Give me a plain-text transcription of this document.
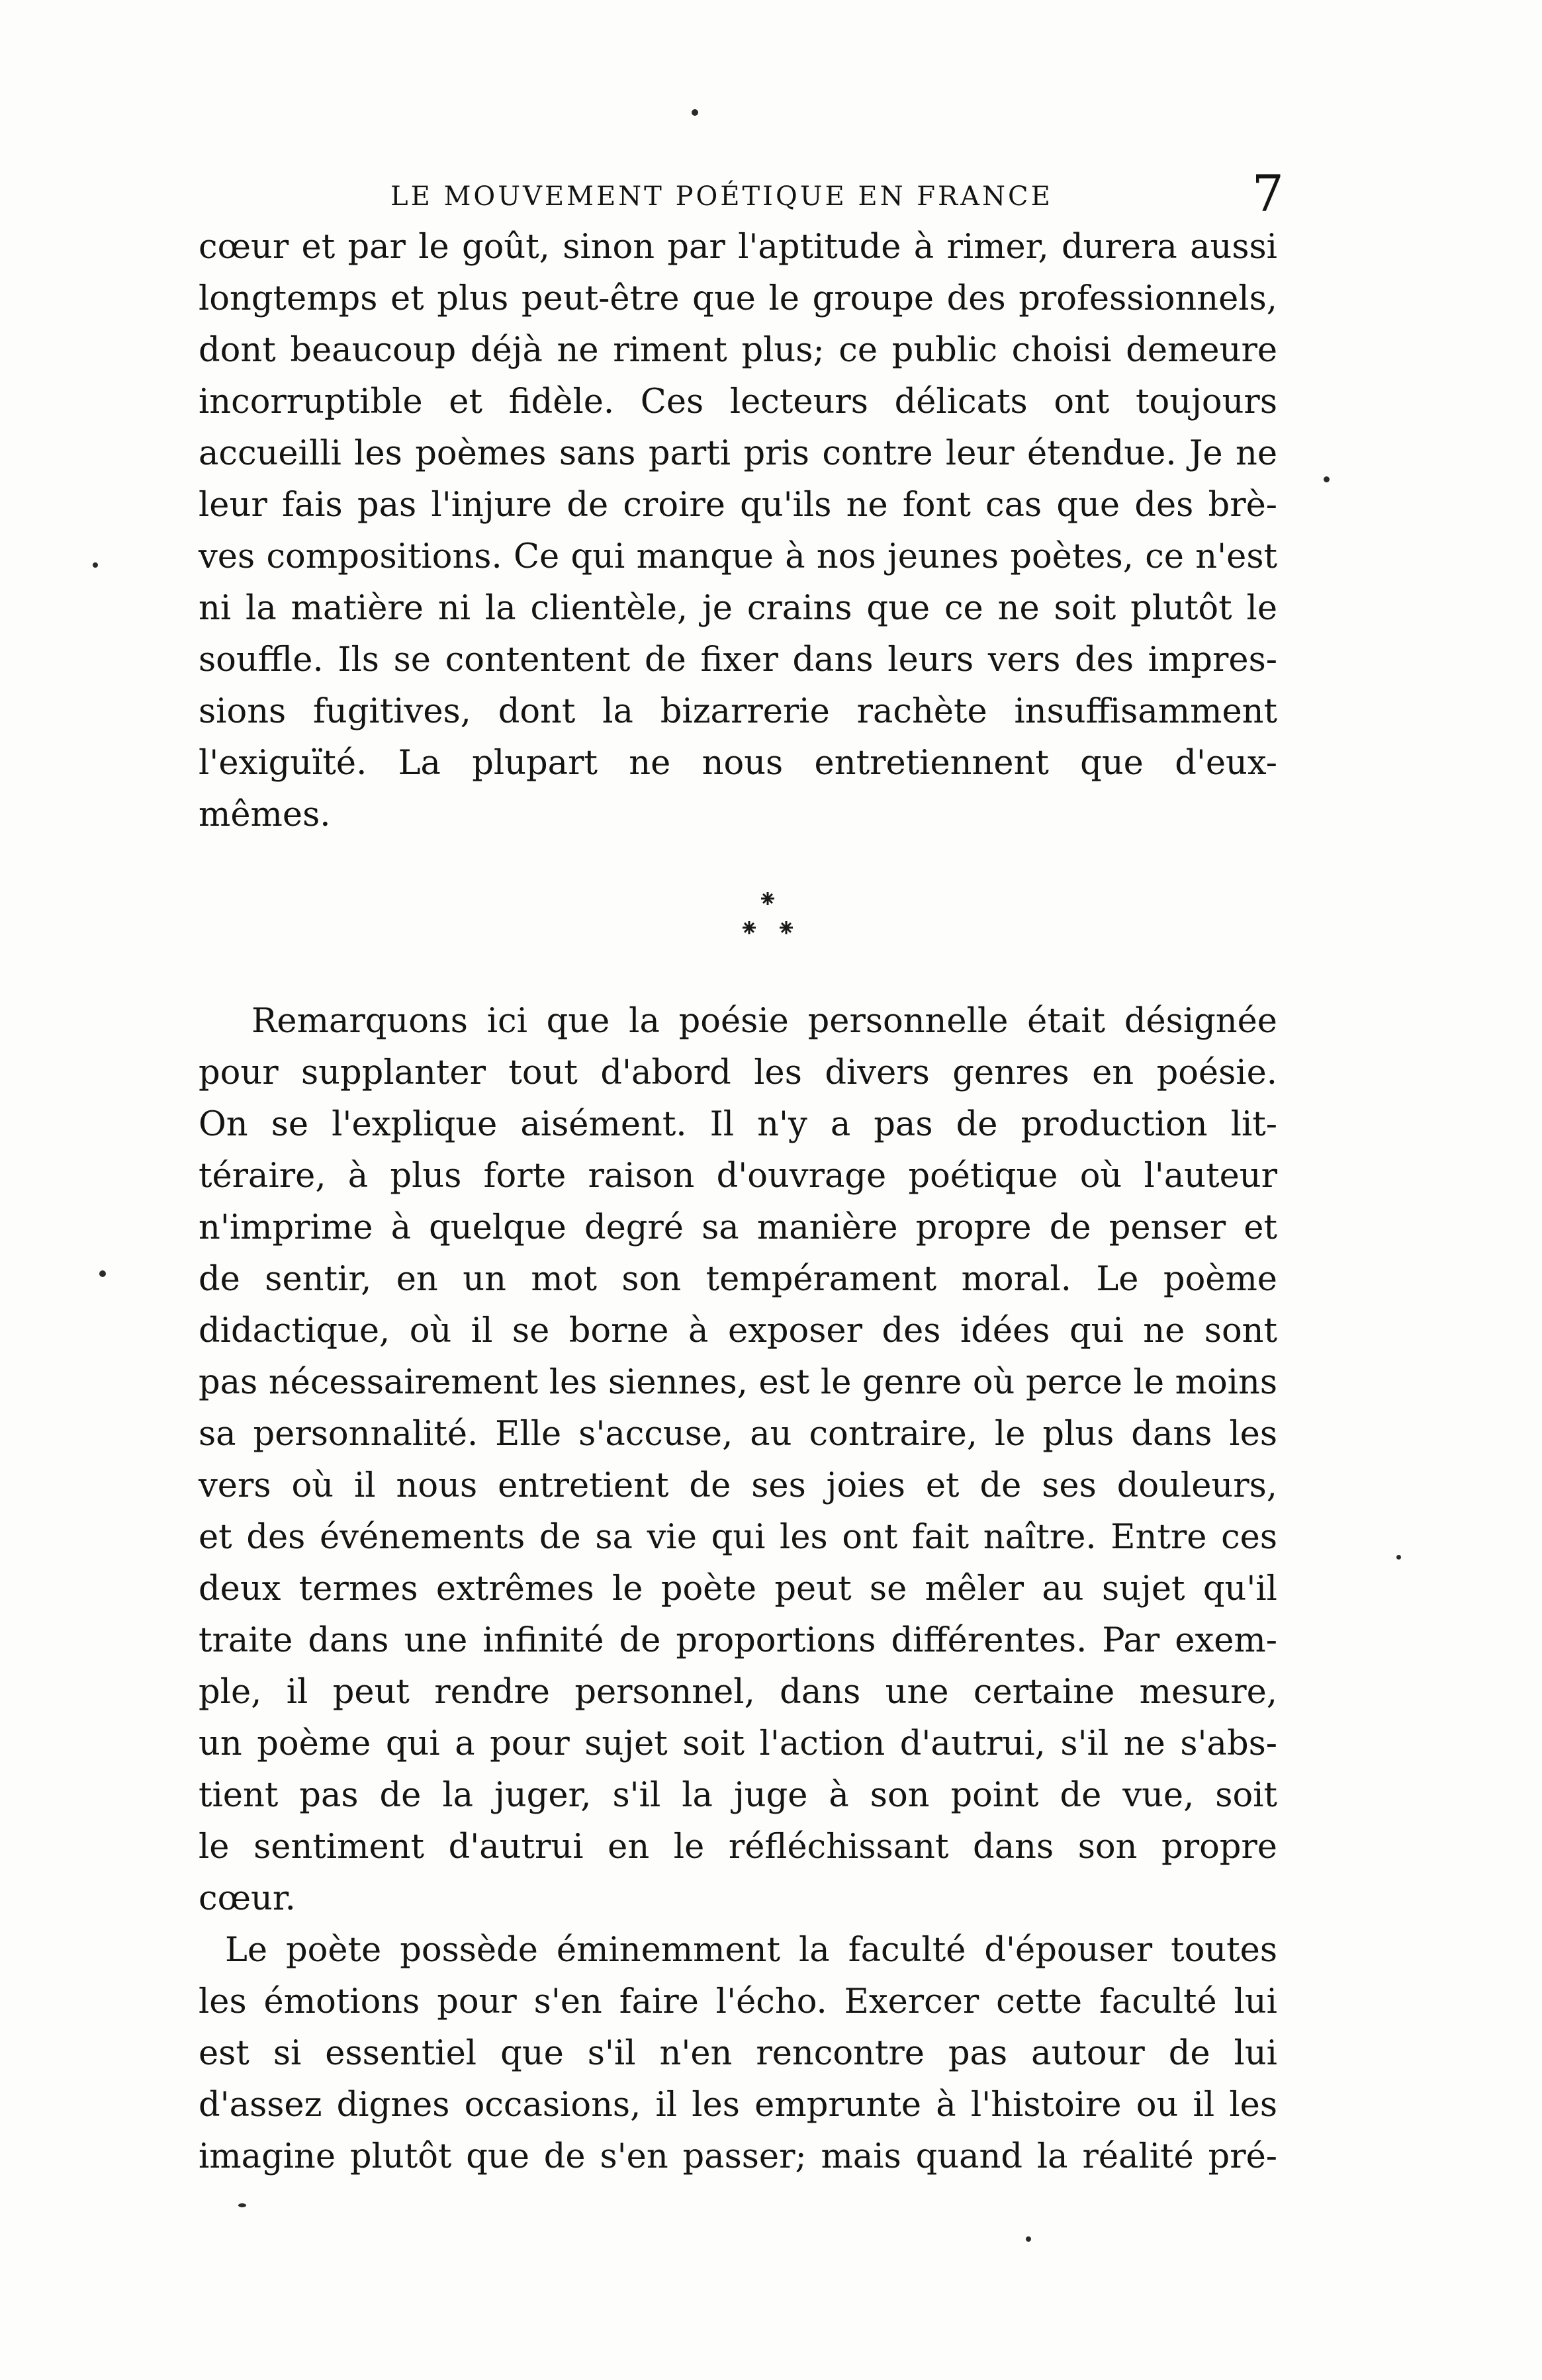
LE MOUVEMENT POÉTIQUE EN FRANCE	7
cœur et par le goût, sinon par l'aptitude à rimer, durera aussi
longtemps et plus peut-être que le groupe des professionnels,
dont beaucoup déjà ne riment plus; ce public choisi demeure
incorruptible et fidèle. Ces lecteurs délicats ont toujours
accueilli les poèmes sans parti pris contre leur étendue. Je ne
leur fais pas l'injure de croire qu'ils ne font cas que des brè-
ves compositions. Ce qui manque à nos jeunes poètes, ce n'est
ni la matière ni la clientèle, je crains que ce ne soit plutôt le
souffle. Ils se contentent de fixer dans leurs vers des impres-
sions fugitives, dont la bizarrerie rachète insuffisamment
l'exiguïté. La plupart ne nous entretiennent que d'eux-
mêmes.
Remarquons ici que la poésie personnelle était désignée
pour supplanter tout d'abord les divers genres en poésie.
On se l'explique aisément. Il n'y a pas de production lit-
téraire, à plus forte raison d'ouvrage poétique où l'auteur
n'imprime à quelque degré sa manière propre de penser et
de sentir, en un mot son tempérament moral. Le poème
didactique, où il se borne à exposer des idées qui ne sont
pas nécessairement les siennes, est le genre où perce le moins
sa personnalité. Elle s'accuse, au contraire, le plus dans les
vers où il nous entretient de ses joies et de ses douleurs,
et des événements de sa vie qui les ont fait naître. Entre ces
deux termes extrêmes le poète peut se mêler au sujet qu'il
traite dans une infinité de proportions différentes. Par exem-
ple, il peut rendre personnel, dans une certaine mesure,
un poème qui a pour sujet soit l'action d'autrui, s'il ne s'abs-
tient pas de la juger, s'il la juge à son point de vue, soit
le sentiment d'autrui en le réfléchissant dans son propre
cœur.
Le poète possède éminemment la faculté d'épouser toutes
les émotions pour s'en faire l'écho. Exercer cette faculté lui
est si essentiel que s'il n'en rencontre pas autour de lui
d'assez dignes occasions, il les emprunte à l'histoire ou il les
imagine plutôt que de s'en passer; mais quand la réalité pré-
